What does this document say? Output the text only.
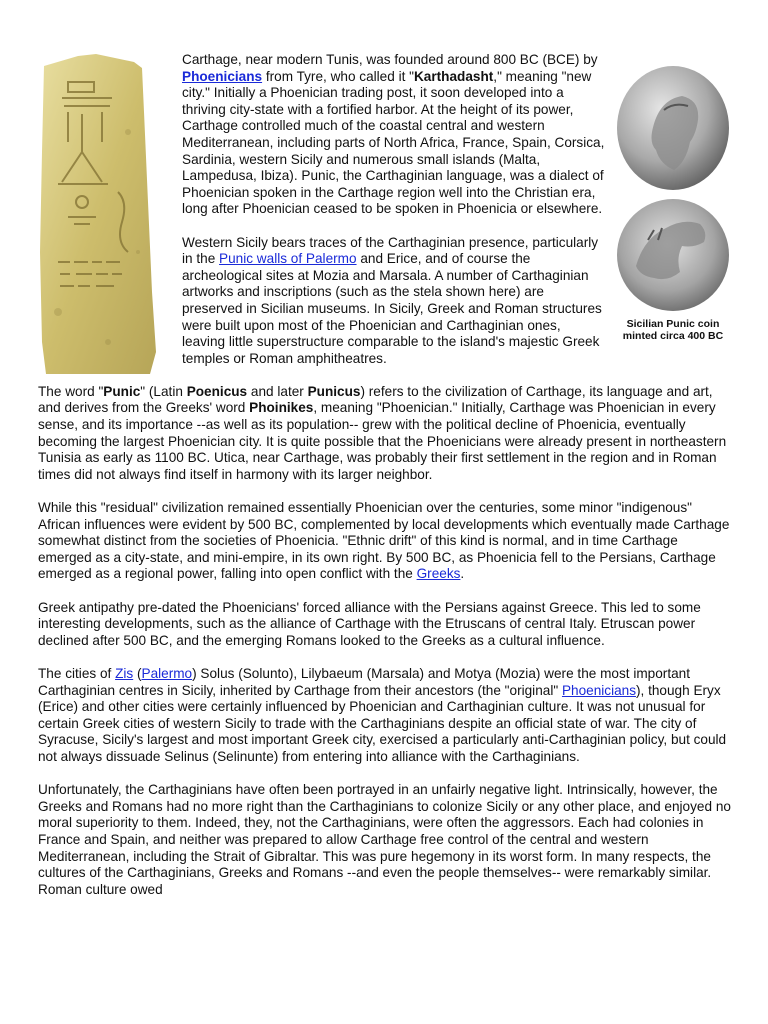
Sicilian Punic coin
minted circa 400 BC

Carthage, near modern Tunis, was founded around 800 BC (BCE) by Phoenicians from Tyre, who called it "Karthadasht," meaning "new city." Initially a Phoenician trading post, it soon developed into a thriving city-state with a fortified harbor. At the height of its power, Carthage controlled much of the coastal central and western Mediterranean, including parts of North Africa, France, Spain, Corsica, Sardinia, western Sicily and numerous small islands (Malta, Lampedusa, Ibiza). Punic, the Carthaginian language, was a dialect of Phoenician spoken in the Carthage region well into the Christian era, long after Phoenician ceased to be spoken in Phoenicia or elsewhere.

Western Sicily bears traces of the Carthaginian presence, particularly in the Punic walls of Palermo and Erice, and of course the archeological sites at Mozia and Marsala. A number of Carthaginian artworks and inscriptions (such as the stela shown here) are preserved in Sicilian museums. In Sicily, Greek and Roman structures were built upon most of the Phoenician and Carthaginian ones, leaving little superstructure comparable to the island's majestic Greek temples or Roman amphitheatres.

The word "Punic" (Latin Poenicus and later Punicus) refers to the civilization of Carthage, its language and art, and derives from the Greeks' word Phoinikes, meaning "Phoenician." Initially, Carthage was Phoenician in every sense, and its importance --as well as its population-- grew with the political decline of Phoenicia, eventually becoming the largest Phoenician city. It is quite possible that the Phoenicians were already present in northeastern Tunisia as early as 1100 BC. Utica, near Carthage, was probably their first settlement in the region and in Roman times did not always find itself in harmony with its larger neighbor.

While this "residual" civilization remained essentially Phoenician over the centuries, some minor "indigenous" African influences were evident by 500 BC, complemented by local developments which eventually made Carthage somewhat distinct from the societies of Phoenicia. "Ethnic drift" of this kind is normal, and in time Carthage emerged as a city-state, and mini-empire, in its own right. By 500 BC, as Phoenicia fell to the Persians, Carthage emerged as a regional power, falling into open conflict with the Greeks.

Greek antipathy pre-dated the Phoenicians' forced alliance with the Persians against Greece. This led to some interesting developments, such as the alliance of Carthage with the Etruscans of central Italy. Etruscan power declined after 500 BC, and the emerging Romans looked to the Greeks as a cultural influence.

The cities of Zis (Palermo) Solus (Solunto), Lilybaeum (Marsala) and Motya (Mozia) were the most important Carthaginian centres in Sicily, inherited by Carthage from their ancestors (the "original" Phoenicians), though Eryx (Erice) and other cities were certainly influenced by Phoenician and Carthaginian culture. It was not unusual for certain Greek cities of western Sicily to trade with the Carthaginians despite an official state of war. The city of Syracuse, Sicily's largest and most important Greek city, exercised a particularly anti-Carthaginian policy, but could not always dissuade Selinus (Selinunte) from entering into alliance with the Carthaginians.

Unfortunately, the Carthaginians have often been portrayed in an unfairly negative light. Intrinsically, however, the Greeks and Romans had no more right than the Carthaginians to colonize Sicily or any other place, and enjoyed no moral superiority to them. Indeed, they, not the Carthaginians, were often the aggressors. Each had colonies in France and Spain, and neither was prepared to allow Carthage free control of the central and western Mediterranean, including the Strait of Gibraltar. This was pure hegemony in its worst form. In many respects, the cultures of the Carthaginians, Greeks and Romans --and even the people themselves-- were remarkably similar. Roman culture owed
